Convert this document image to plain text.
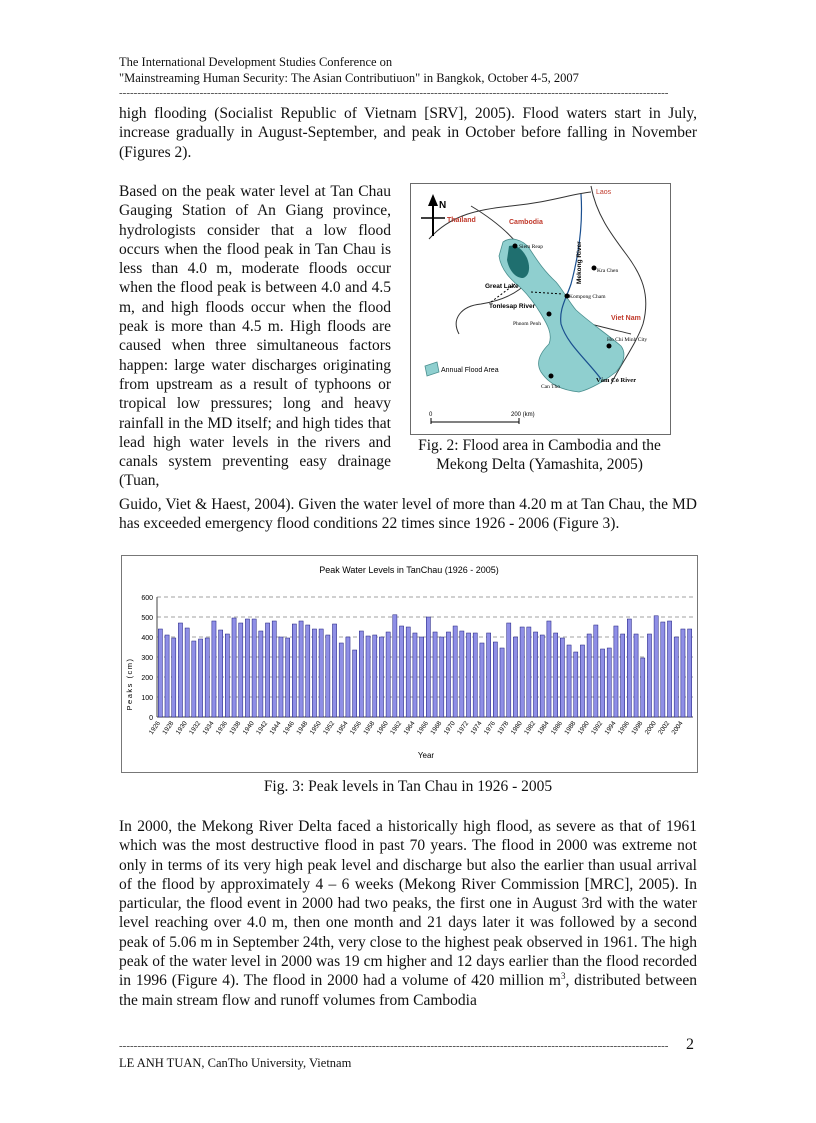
The International Development Studies Conference on
"Mainstreaming Human Security: The Asian Contributiuon" in Bangkok, October 4-5, 2007
------------------------------------------------------------------------------------------------------------------------------------------------------

high flooding (Socialist Republic of Vietnam [SRV], 2005). Flood waters start in July, increase gradually in August-September, and peak in October before falling in November (Figures 2).

Based on the peak water level at Tan Chau Gauging Station of An Giang province, hydrologists consider that a low flood occurs when the flood peak in Tan Chau is less than 4.0 m, moderate floods occur when the flood peak is between 4.0 and 4.5 m, and high floods occur when the flood peak is more than 4.5 m. High floods are caused when three simultaneous factors happen: large water discharges originating from upstream as a result of typhoons or tropical low pressures; long and heavy rainfall in the MD itself; and high tides that lead high water levels in the rivers and canals system preventing easy drainage (Tuan,

N
Laos
Thailand	Cambodia
Viet Nam
Siem Reap
Kra Chen
Great Lake
Kompong Cham
Tonlesap River
Phnom Penh
Mekong River
Ho Chi Minh City
Annual Flood Area
Can Tho
Vàm Cỏ River
0	200 (km)

Fig. 2: Flood area in Cambodia and the Mekong Delta (Yamashita, 2005)

Guido, Viet & Haest, 2004). Given the water level of more than 4.20 m at Tan Chau, the MD has exceeded emergency flood conditions 22 times since 1926 - 2006 (Figure 3).

Peak Water Levels in TanChau (1926 - 2005)
Year
Peaks (cm)
0
100
200
300
400
500
600
1926 1928 1930 1932 1934 1936 1938 1940 1942 1944 1946 1948 1950 1952 1954 1956 1958 1960 1962 1964 1966 1968 1970 1972 1974 1976 1978 1980 1982 1984 1986 1988 1990 1992 1994 1996 1998 2000 2002 2004

Fig. 3: Peak levels in Tan Chau in 1926 - 2005

In 2000, the Mekong River Delta faced a historically high flood, as severe as that of 1961 which was the most destructive flood in past 70 years. The flood in 2000 was extreme not only in terms of its very high peak level and discharge but also the earlier than usual arrival of the flood by approximately 4 – 6 weeks (Mekong River Commission [MRC], 2005). In particular, the flood event in 2000 had two peaks, the first one in August 3rd with the water level reaching over 4.0 m, then one month and 21 days later it was followed by a second peak of 5.06 m in September 24th, very close to the highest peak observed in 1961. The high peak of the water level in 2000 was 19 cm higher and 12 days earlier than the flood recorded in 1996 (Figure 4). The flood in 2000 had a volume of 420 million $m^3$, distributed between the main stream flow and runoff volumes from Cambodia

------------------------------------------------------------------------------------------------------------------------------------------------------	2
LE ANH TUAN, CanTho University, Vietnam
